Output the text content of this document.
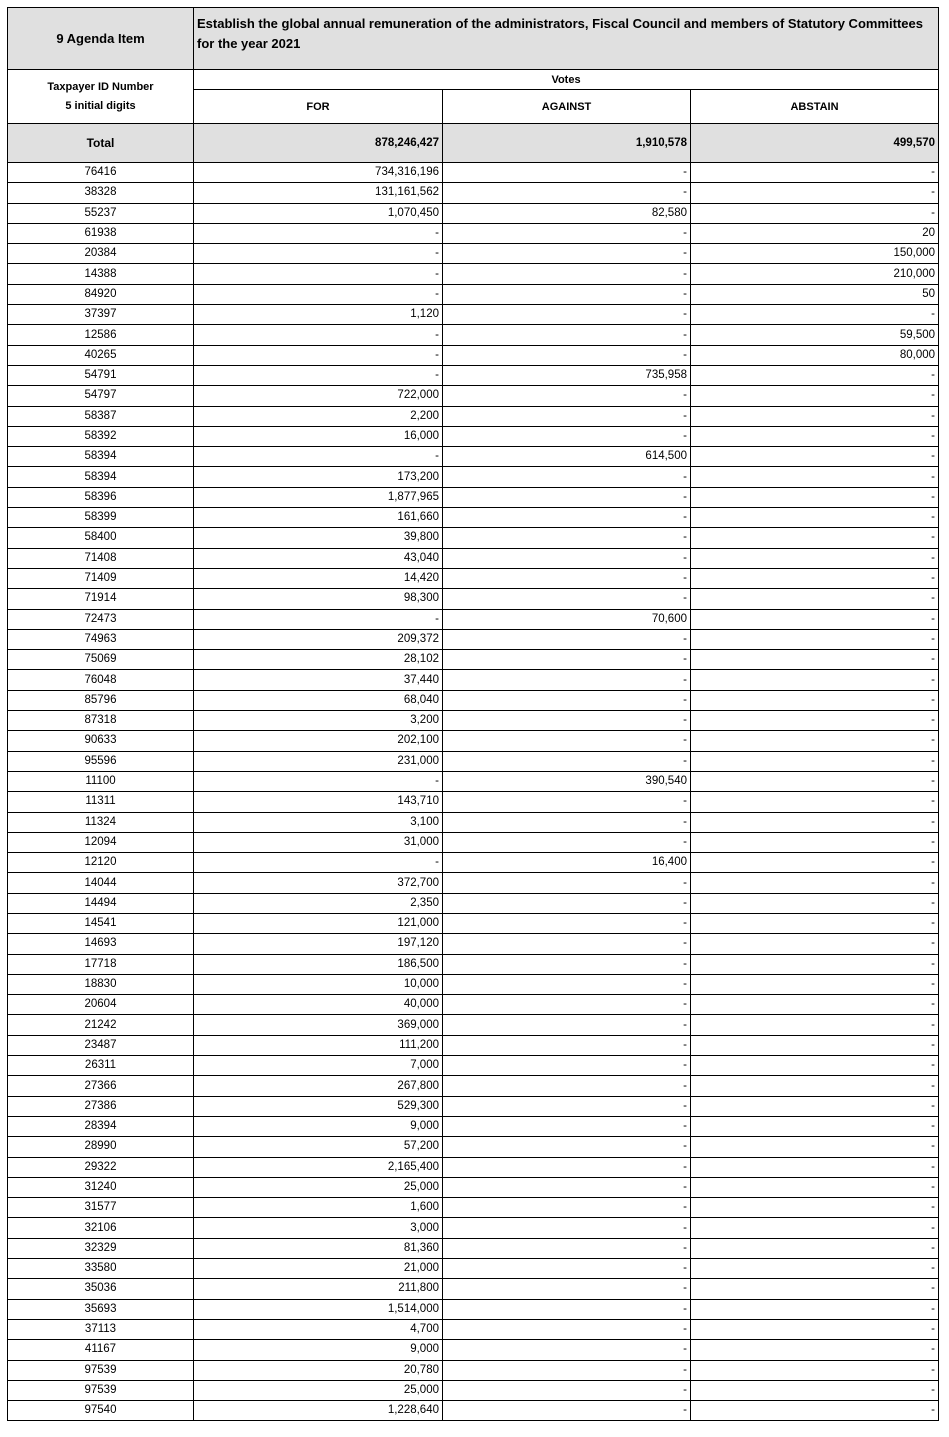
9 Agenda Item	Establish the global annual remuneration of the administrators, Fiscal Council and members of Statutory Committees for the year 2021		
Taxpayer ID Number
5 initial digits	Votes		
	FOR	AGAINST	ABSTAIN
Total	878,246,427	1,910,578	499,570
76416	734,316,196	-	-
38328	131,161,562	-	-
55237	1,070,450	82,580	-
61938	-	-	20
20384	-	-	150,000
14388	-	-	210,000
84920	-	-	50
37397	1,120	-	-
12586	-	-	59,500
40265	-	-	80,000
54791	-	735,958	-
54797	722,000	-	-
58387	2,200	-	-
58392	16,000	-	-
58394	-	614,500	-
58394	173,200	-	-
58396	1,877,965	-	-
58399	161,660	-	-
58400	39,800	-	-
71408	43,040	-	-
71409	14,420	-	-
71914	98,300	-	-
72473	-	70,600	-
74963	209,372	-	-
75069	28,102	-	-
76048	37,440	-	-
85796	68,040	-	-
87318	3,200	-	-
90633	202,100	-	-
95596	231,000	-	-
11100	-	390,540	-
11311	143,710	-	-
11324	3,100	-	-
12094	31,000	-	-
12120	-	16,400	-
14044	372,700	-	-
14494	2,350	-	-
14541	121,000	-	-
14693	197,120	-	-
17718	186,500	-	-
18830	10,000	-	-
20604	40,000	-	-
21242	369,000	-	-
23487	111,200	-	-
26311	7,000	-	-
27366	267,800	-	-
27386	529,300	-	-
28394	9,000	-	-
28990	57,200	-	-
29322	2,165,400	-	-
31240	25,000	-	-
31577	1,600	-	-
32106	3,000	-	-
32329	81,360	-	-
33580	21,000	-	-
35036	211,800	-	-
35693	1,514,000	-	-
37113	4,700	-	-
41167	9,000	-	-
97539	20,780	-	-
97539	25,000	-	-
97540	1,228,640	-	-
